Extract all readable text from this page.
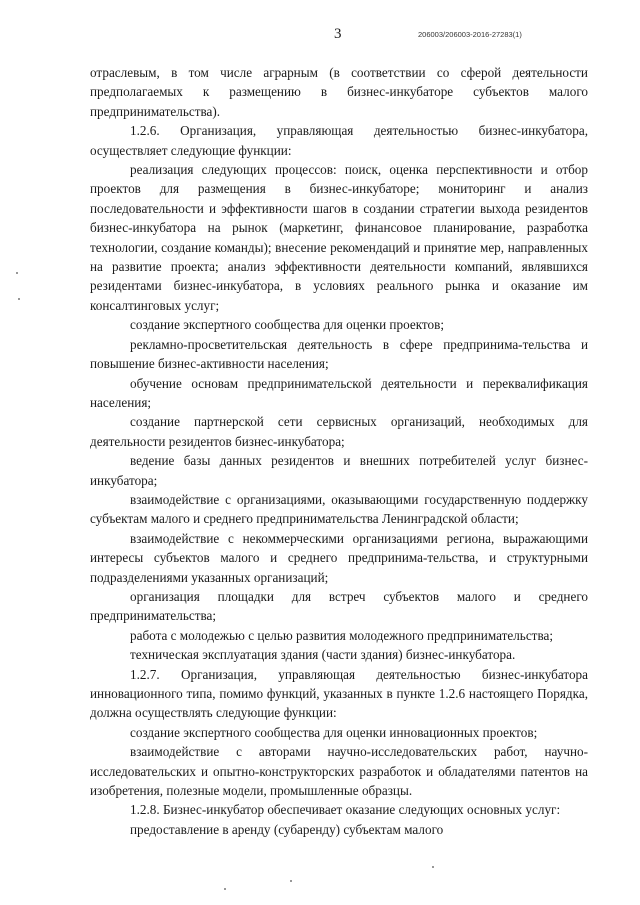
3	206003/206003-2016-27283(1)

отраслевым, в том числе аграрным (в соответствии со сферой деятельности предполагаемых к размещению в бизнес-инкубаторе субъектов малого предпринимательства).

1.2.6. Организация, управляющая деятельностью бизнес-инкубатора, осуществляет следующие функции:

реализация следующих процессов: поиск, оценка перспективности и отбор проектов для размещения в бизнес-инкубаторе; мониторинг и анализ последовательности и эффективности шагов в создании стратегии выхода резидентов бизнес-инкубатора на рынок (маркетинг, финансовое планирование, разработка технологии, создание команды); внесение рекомендаций и принятие мер, направленных на развитие проекта; анализ эффективности деятельности компаний, являвшихся резидентами бизнес-инкубатора, в условиях реального рынка и оказание им консалтинговых услуг;

создание экспертного сообщества для оценки проектов;

рекламно-просветительская деятельность в сфере предпринима-тельства и повышение бизнес-активности населения;

обучение основам предпринимательской деятельности и переквалификация населения;

создание партнерской сети сервисных организаций, необходимых для деятельности резидентов бизнес-инкубатора;

ведение базы данных резидентов и внешних потребителей услуг бизнес-инкубатора;

взаимодействие с организациями, оказывающими государственную поддержку субъектам малого и среднего предпринимательства Ленинградской области;

взаимодействие с некоммерческими организациями региона, выражающими интересы субъектов малого и среднего предпринима-тельства, и структурными подразделениями указанных организаций;

организация площадки для встреч субъектов малого и среднего предпринимательства;

работа с молодежью с целью развития молодежного предпринимательства;

техническая эксплуатация здания (части здания) бизнес-инкубатора.

1.2.7. Организация, управляющая деятельностью бизнес-инкубатора инновационного типа, помимо функций, указанных в пункте 1.2.6 настоящего Порядка, должна осуществлять следующие функции:

создание экспертного сообщества для оценки инновационных проектов;

взаимодействие с авторами научно-исследовательских работ, научно-исследовательских и опытно-конструкторских разработок и обладателями патентов на изобретения, полезные модели, промышленные образцы.

1.2.8. Бизнес-инкубатор обеспечивает оказание следующих основных услуг:

предоставление в аренду (субаренду) субъектам малого
